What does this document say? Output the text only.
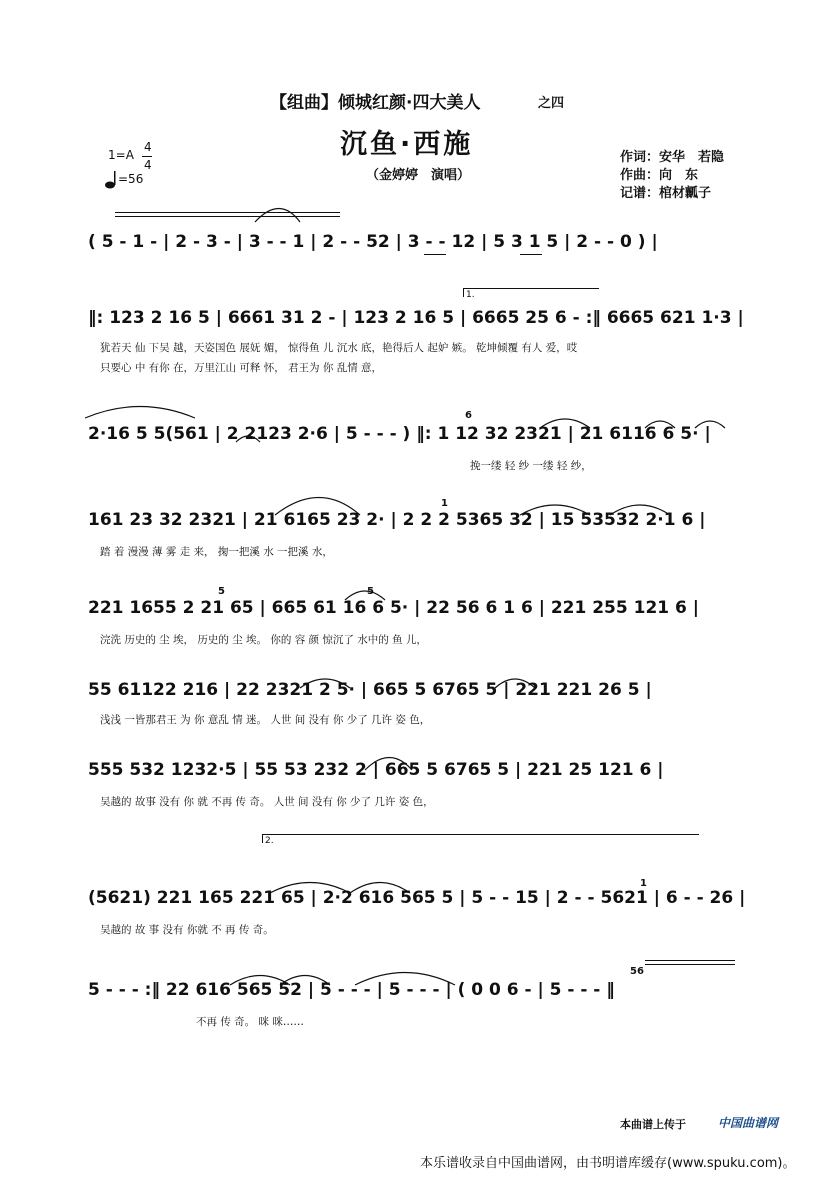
【组曲】倾城红颜·四大美人	之四
沉鱼·西施
（金婷婷　演唱）
作词：安华　若隐
作曲：向　东
记谱：棺材瓤子
1=A
4
4
=56
( 5 - 1 - | 2 - 3 - | 3 - - 1 | 2 - - 52 | 3 - - 12 | 5 3 1 5 | 2 - - 0 ) |
1.
‖: 123 2 16 5 | 6661 31 2 - | 123 2 16 5 | 6665 25 6 - :‖ 6665 621 1·3 |
犹若天 仙 下吴 越，天姿国色 展妩 媚， 惊得鱼 儿 沉水 底，艳得后人 起妒 嫉。 乾坤倾覆 有人 爱，哎
只要心 中 有你 在，万里江山 可释 怀， 君王为 你 乱情 意，
6
2·16 5 5(561 | 2 2123 2·6 | 5 - - - ) ‖: 1 12 32 2321 | 21 6116 6 5· |
挽一缕 轻 纱 一缕 轻 纱，
1
161 23 32 2321 | 21 6165 23 2· | 2 2 2 5365 32 | 15 53532 2·1 6 |
踏 着 漫漫 薄 雾 走 来， 掬一把溪 水 一把溪 水，
5	5
221 1655 2 21 65 | 665 61 16 6 5· | 22 56 6 1 6 | 221 255 121 6 |
浣洗 历史的 尘 埃， 历史的 尘 埃。 你的 容 颜 惊沉了 水中的 鱼 儿，
55 61122 216 | 22 2321 2 5· | 665 5 6765 5 | 221 221 26 5 |
浅浅 一皆那君王 为 你 意乱 情 迷。 人世 间 没有 你 少了 几许 姿 色，
555 532 1232·5 | 55 53 232 2 | 665 5 6765 5 | 221 25 121 6 |
吴越的 故事 没有 你 就 不再 传 奇。 人世 间 没有 你 少了 几许 姿 色，
2.
1
(5621) 221 165 221 65 | 2·2 616 565 5 | 5 - - 15 | 2 - - 5621 | 6 - - 26 |
吴越的 故 事 没有 你就 不 再 传 奇。
56
5 - - - :‖ 22 616 565 52 | 5 - - - | 5 - - - | ( 0 0 6 - | 5 - - - ‖
不再 传 奇。 咪 咪……
本曲谱上传于	中国曲谱网
本乐谱收录自中国曲谱网，由书明谱库缓存(www.spuku.com)。
